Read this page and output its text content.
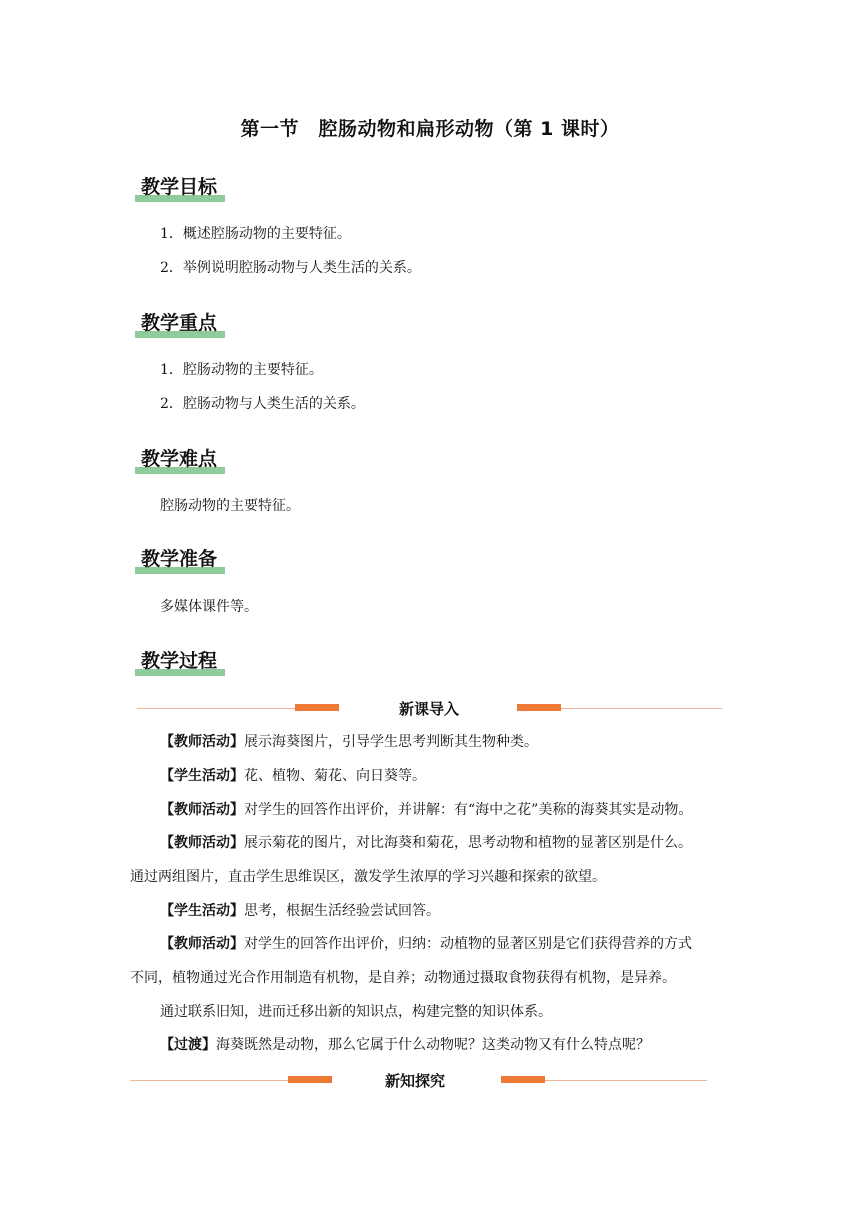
第一节　腔肠动物和扁形动物（第 1 课时）
教学目标
1．概述腔肠动物的主要特征。
2．举例说明腔肠动物与人类生活的关系。
教学重点
1．腔肠动物的主要特征。
2．腔肠动物与人类生活的关系。
教学难点
腔肠动物的主要特征。
教学准备
多媒体课件等。
教学过程
新课导入
【教师活动】展示海葵图片，引导学生思考判断其生物种类。
【学生活动】花、植物、菊花、向日葵等。
【教师活动】对学生的回答作出评价，并讲解：有“海中之花”美称的海葵其实是动物。
【教师活动】展示菊花的图片，对比海葵和菊花，思考动物和植物的显著区别是什么。
通过两组图片，直击学生思维误区，激发学生浓厚的学习兴趣和探索的欲望。
【学生活动】思考，根据生活经验尝试回答。
【教师活动】对学生的回答作出评价，归纳：动植物的显著区别是它们获得营养的方式
不同，植物通过光合作用制造有机物，是自养；动物通过摄取食物获得有机物，是异养。
通过联系旧知，进而迁移出新的知识点，构建完整的知识体系。
【过渡】海葵既然是动物，那么它属于什么动物呢？这类动物又有什么特点呢？
新知探究
